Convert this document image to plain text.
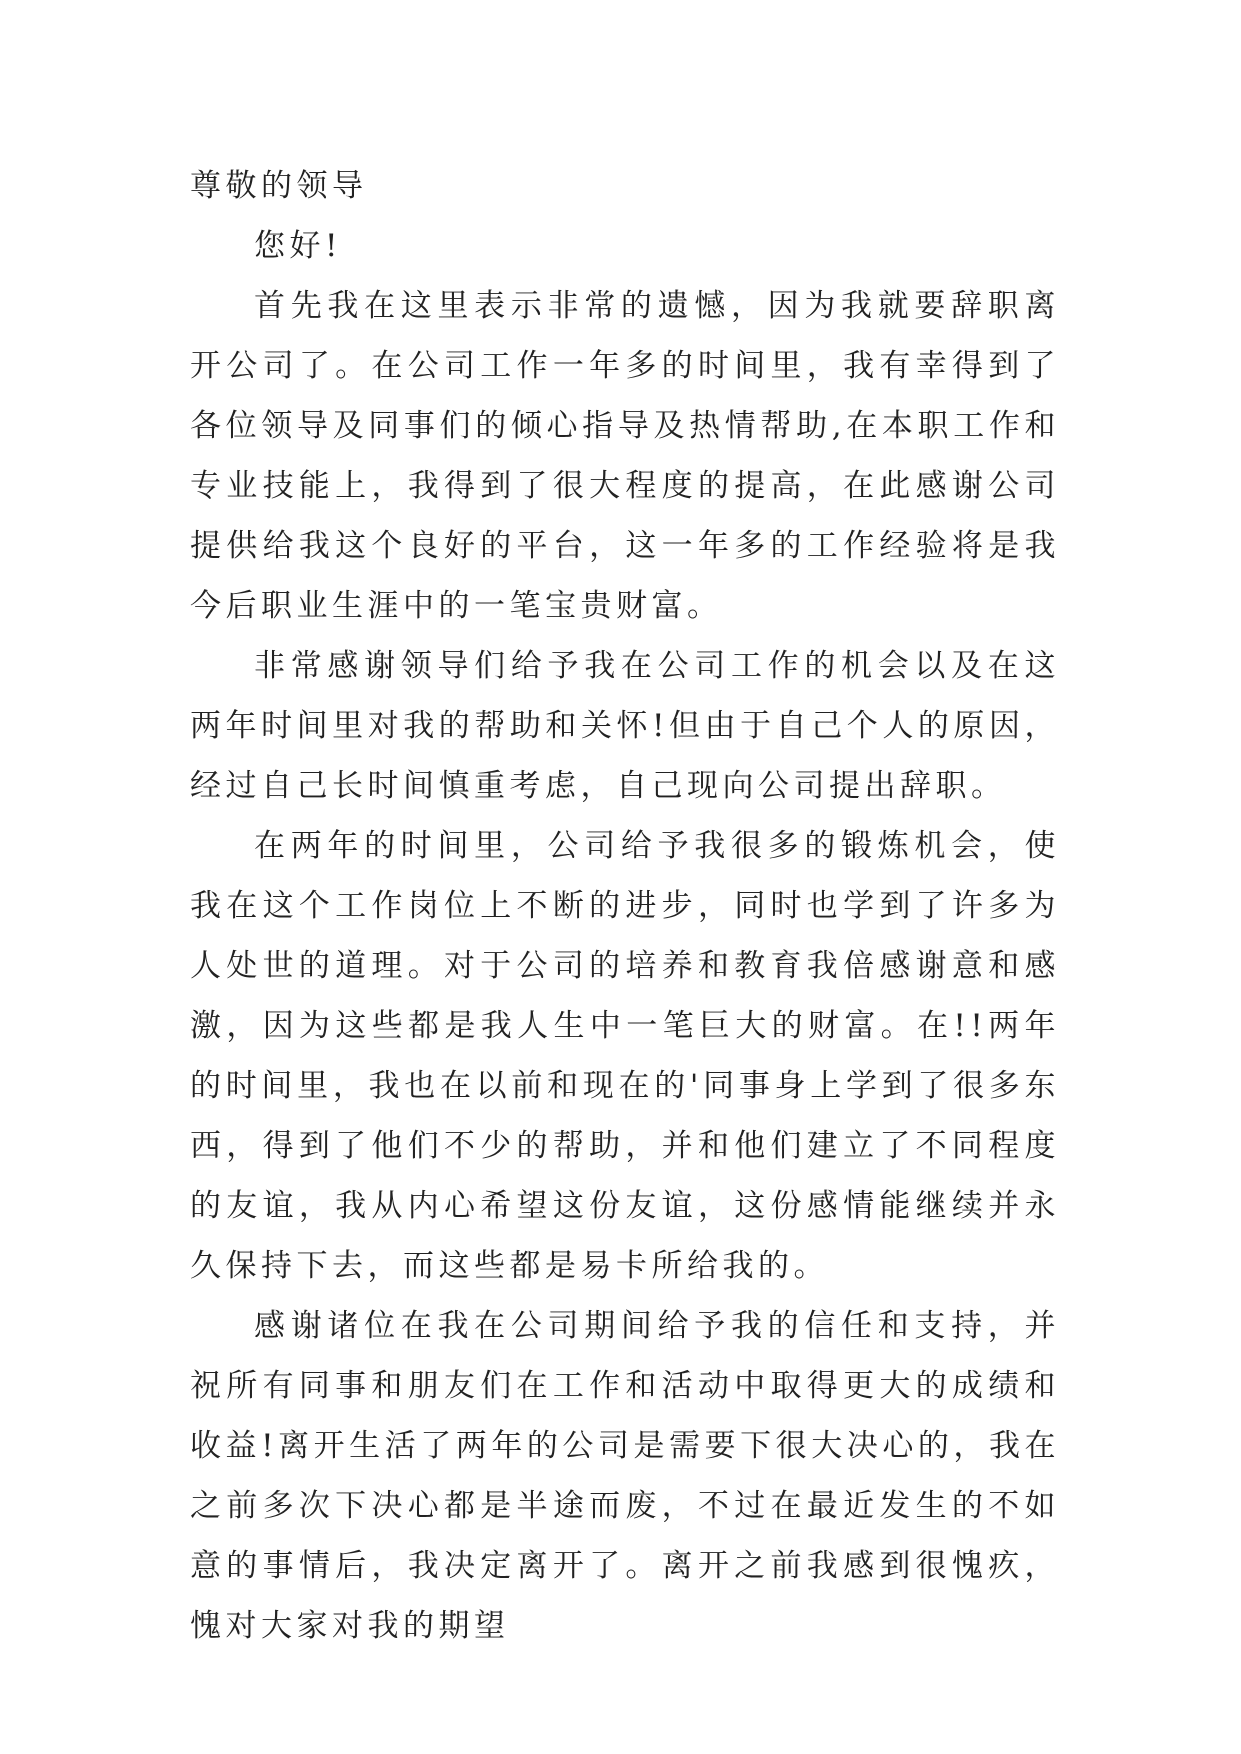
尊敬的领导

您好!

首先我在这里表示非常的遗憾，因为我就要辞职离开公司了。在公司工作一年多的时间里，我有幸得到了各位领导及同事们的倾心指导及热情帮助,在本职工作和专业技能上，我得到了很大程度的提高，在此感谢公司提供给我这个良好的平台，这一年多的工作经验将是我今后职业生涯中的一笔宝贵财富。

非常感谢领导们给予我在公司工作的机会以及在这两年时间里对我的帮助和关怀!但由于自己个人的原因，经过自己长时间慎重考虑，自己现向公司提出辞职。

在两年的时间里，公司给予我很多的锻炼机会，使我在这个工作岗位上不断的进步，同时也学到了许多为人处世的道理。对于公司的培养和教育我倍感谢意和感激，因为这些都是我人生中一笔巨大的财富。在!!两年的时间里，我也在以前和现在的'同事身上学到了很多东西，得到了他们不少的帮助，并和他们建立了不同程度的友谊，我从内心希望这份友谊，这份感情能继续并永久保持下去，而这些都是易卡所给我的。

感谢诸位在我在公司期间给予我的信任和支持，并祝所有同事和朋友们在工作和活动中取得更大的成绩和收益!离开生活了两年的公司是需要下很大决心的，我在之前多次下决心都是半途而废，不过在最近发生的不如意的事情后，我决定离开了。离开之前我感到很愧疚，愧对大家对我的期望
